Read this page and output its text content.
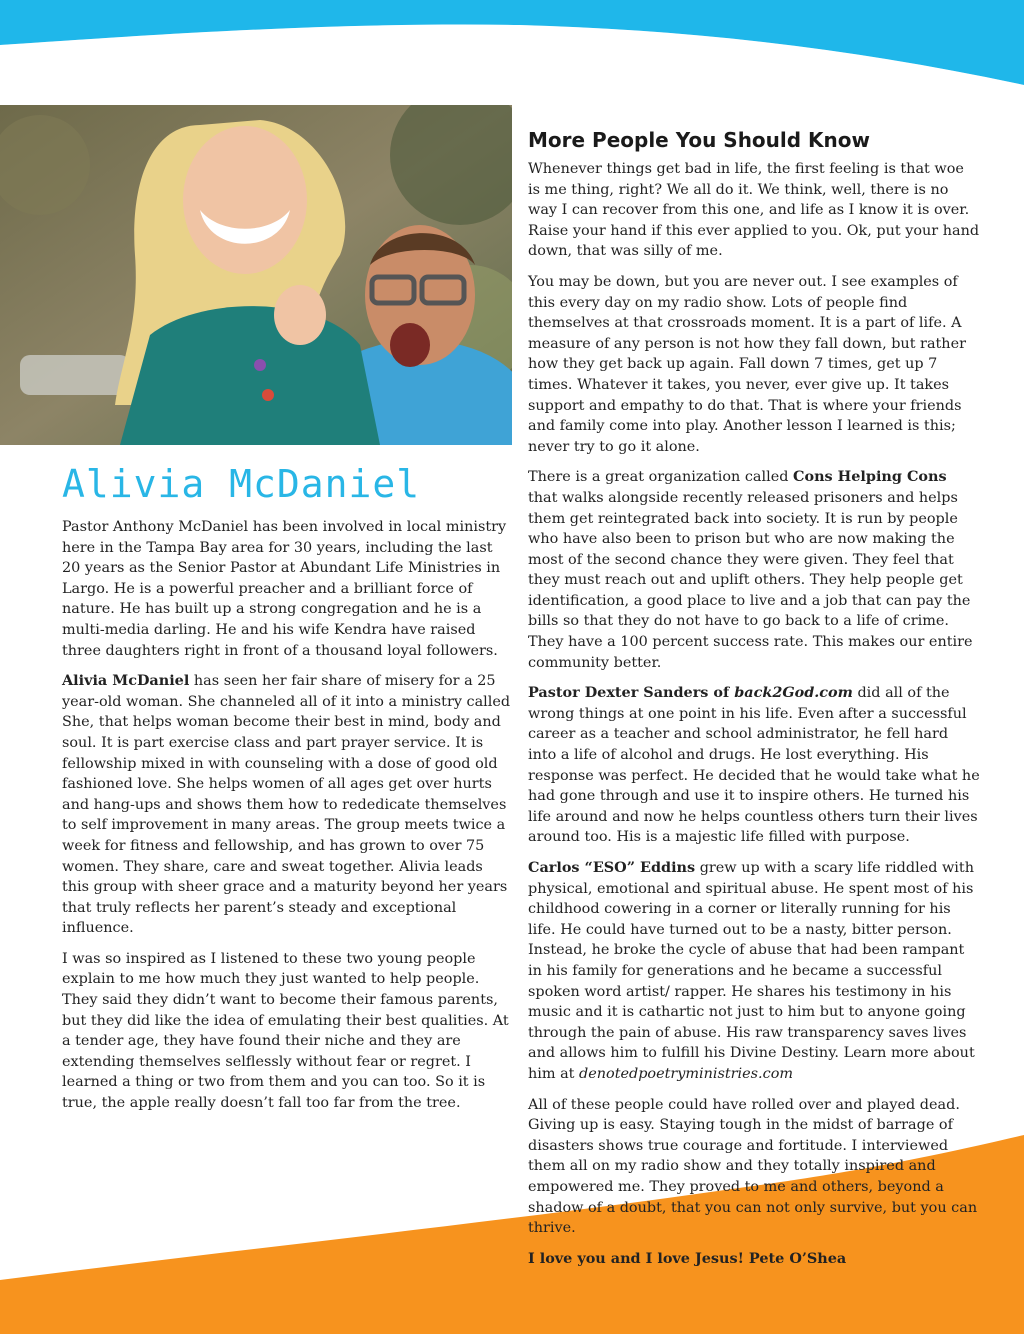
Alivia McDaniel

Pastor Anthony McDaniel has been involved in local ministry here in the Tampa Bay area for 30 years, including the last 20 years as the Senior Pastor at Abundant Life Ministries in Largo. He is a powerful preacher and a brilliant force of nature. He has built up a strong congregation and he is a multi-media darling. He and his wife Kendra have raised three daughters right in front of a thousand loyal followers.

Alivia McDaniel has seen her fair share of misery for a 25 year-old woman. She channeled all of it into a ministry called She, that helps woman become their best in mind, body and soul. It is part exercise class and part prayer service. It is fellowship mixed in with counseling with a dose of good old fashioned love. She helps women of all ages get over hurts and hang-ups and shows them how to rededicate themselves to self improvement in many areas. The group meets twice a week for fitness and fellowship, and has grown to over 75 women. They share, care and sweat together. Alivia leads this group with sheer grace and a maturity beyond her years that truly reflects her parent’s steady and exceptional influence.

I was so inspired as I listened to these two young people explain to me how much they just wanted to help people. They said they didn’t want to become their famous parents, but they did like the idea of emulating their best qualities. At a tender age, they have found their niche and they are extending themselves selflessly without fear or regret. I learned a thing or two from them and you can too. So it is true, the apple really doesn’t fall too far from the tree.

More People You Should Know

Whenever things get bad in life, the first feeling is that woe is me thing, right? We all do it. We think, well, there is no way I can recover from this one, and life as I know it is over. Raise your hand if this ever applied to you. Ok, put your hand down, that was silly of me.

You may be down, but you are never out. I see examples of this every day on my radio show. Lots of people find themselves at that crossroads moment. It is a part of life. A measure of any person is not how they fall down, but rather how they get back up again. Fall down 7 times, get up 7 times. Whatever it takes, you never, ever give up. It takes support and empathy to do that. That is where your friends and family come into play. Another lesson I learned is this; never try to go it alone.

There is a great organization called Cons Helping Cons that walks alongside recently released prisoners and helps them get reintegrated back into society. It is run by people who have also been to prison but who are now making the most of the second chance they were given. They feel that they must reach out and uplift others. They help people get identification, a good place to live and a job that can pay the bills so that they do not have to go back to a life of crime. They have a 100 percent success rate. This makes our entire community better.

Pastor Dexter Sanders of back2God.com did all of the wrong things at one point in his life. Even after a successful career as a teacher and school administrator, he fell hard into a life of alcohol and drugs. He lost everything. His response was perfect. He decided that he would take what he had gone through and use it to inspire others. He turned his life around and now he helps countless others turn their lives around too. His is a majestic life filled with purpose.

Carlos “ESO” Eddins grew up with a scary life riddled with physical, emotional and spiritual abuse. He spent most of his childhood cowering in a corner or literally running for his life. He could have turned out to be a nasty, bitter person. Instead, he broke the cycle of abuse that had been rampant in his family for generations and he became a successful spoken word artist/ rapper. He shares his testimony in his music and it is cathartic not just to him but to anyone going through the pain of abuse. His raw transparency saves lives and allows him to fulfill his Divine Destiny. Learn more about him at denotedpoetryministries.com

All of these people could have rolled over and played dead. Giving up is easy. Staying tough in the midst of barrage of disasters shows true courage and fortitude. I interviewed them all on my radio show and they totally inspired and empowered me. They proved to me and others, beyond a shadow of a doubt, that you can not only survive, but you can thrive.

I love you and I love Jesus! Pete O’Shea
